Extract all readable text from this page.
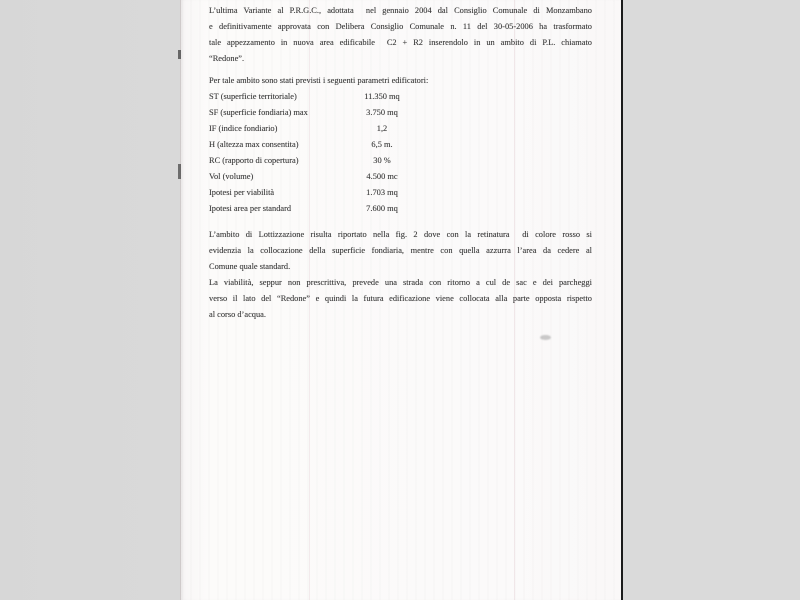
L’ultima Variante al P.R.G.C., adottata  nel gennaio 2004 dal Consiglio Comunale di Monzambano
e definitivamente approvata con Delibera Consiglio Comunale n. 11 del 30-05-2006 ha trasformato
tale appezzamento in nuova area edificabile  C2 + R2 inserendolo in un ambito di P.L. chiamato
“Redone”.
Per tale ambito sono stati previsti i seguenti parametri edificatori:
ST (superficie territoriale)	11.350 mq
SF (superficie fondiaria) max	3.750 mq
IF (indice fondiario)	1,2
H (altezza max consentita)	6,5 m.
RC (rapporto di copertura)	30 %
Vol (volume)	4.500 mc
Ipotesi per viabilità	1.703 mq
Ipotesi area per standard	7.600 mq
L’ambito di Lottizzazione risulta riportato nella fig. 2 dove con la retinatura  di colore rosso si
evidenzia la collocazione della superficie fondiaria, mentre con quella azzurra l’area da cedere al
Comune quale standard.
La viabilità, seppur non prescrittiva, prevede una strada con ritorno a cul de sac e dei parcheggi
verso il lato del “Redone” e quindi la futura edificazione viene collocata alla parte opposta rispetto
al corso d’acqua.
